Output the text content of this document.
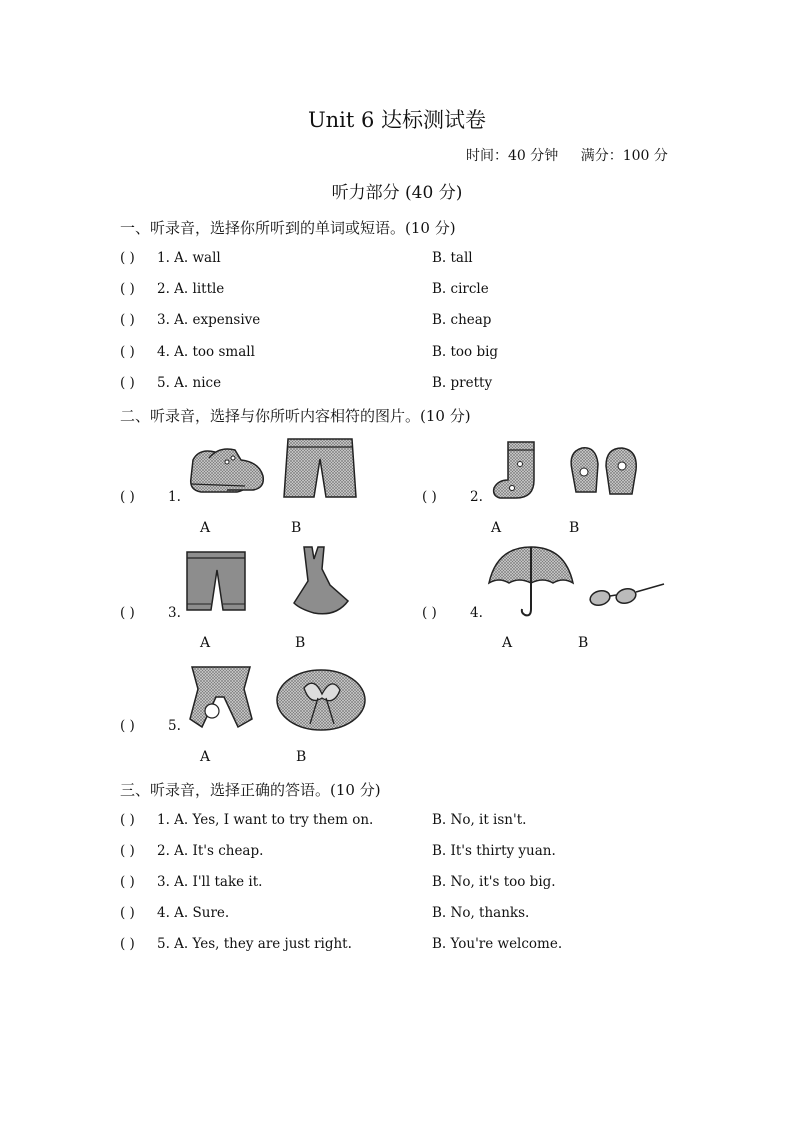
Unit 6 达标测试卷
时间：40 分钟 满分：100 分
听力部分 (40 分)
一、听录音，选择你所听到的单词或短语。(10 分)
( ) 1. A. wall	B. tall
( ) 2. A. little	B. circle
( ) 3. A. expensive	B. cheap
( ) 4. A. too small	B. too big
( ) 5. A. nice	B. pretty
二、听录音，选择与你所听内容相符的图片。(10 分)
( ) 1.
A	B
( ) 2.
A	B
( ) 3.
A	B
( ) 4.
A	B
( ) 5.
A	B
三、听录音，选择正确的答语。(10 分)
( ) 1. A. Yes, I want to try them on.	B. No, it isn't.
( ) 2. A. It's cheap.	B. It's thirty yuan.
( ) 3. A. I'll take it.	B. No, it's too big.
( ) 4. A. Sure.	B. No, thanks.
( ) 5. A. Yes, they are just right.	B. You're welcome.
